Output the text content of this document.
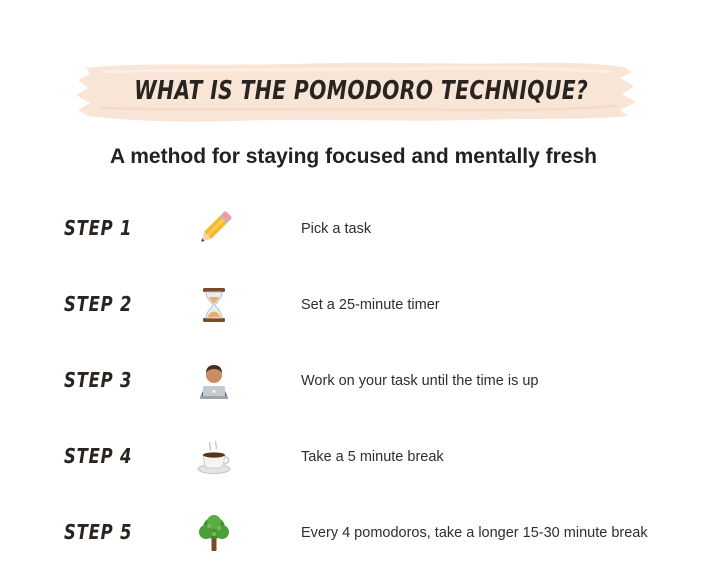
WHAT IS THE POMODORO TECHNIQUE?
A method for staying focused and mentally fresh
STEP 1	Pick a task
STEP 2	Set a 25-minute timer
STEP 3	Work on your task until the time is up
STEP 4	Take a 5 minute break
STEP 5	Every 4 pomodoros, take a longer 15-30 minute break
